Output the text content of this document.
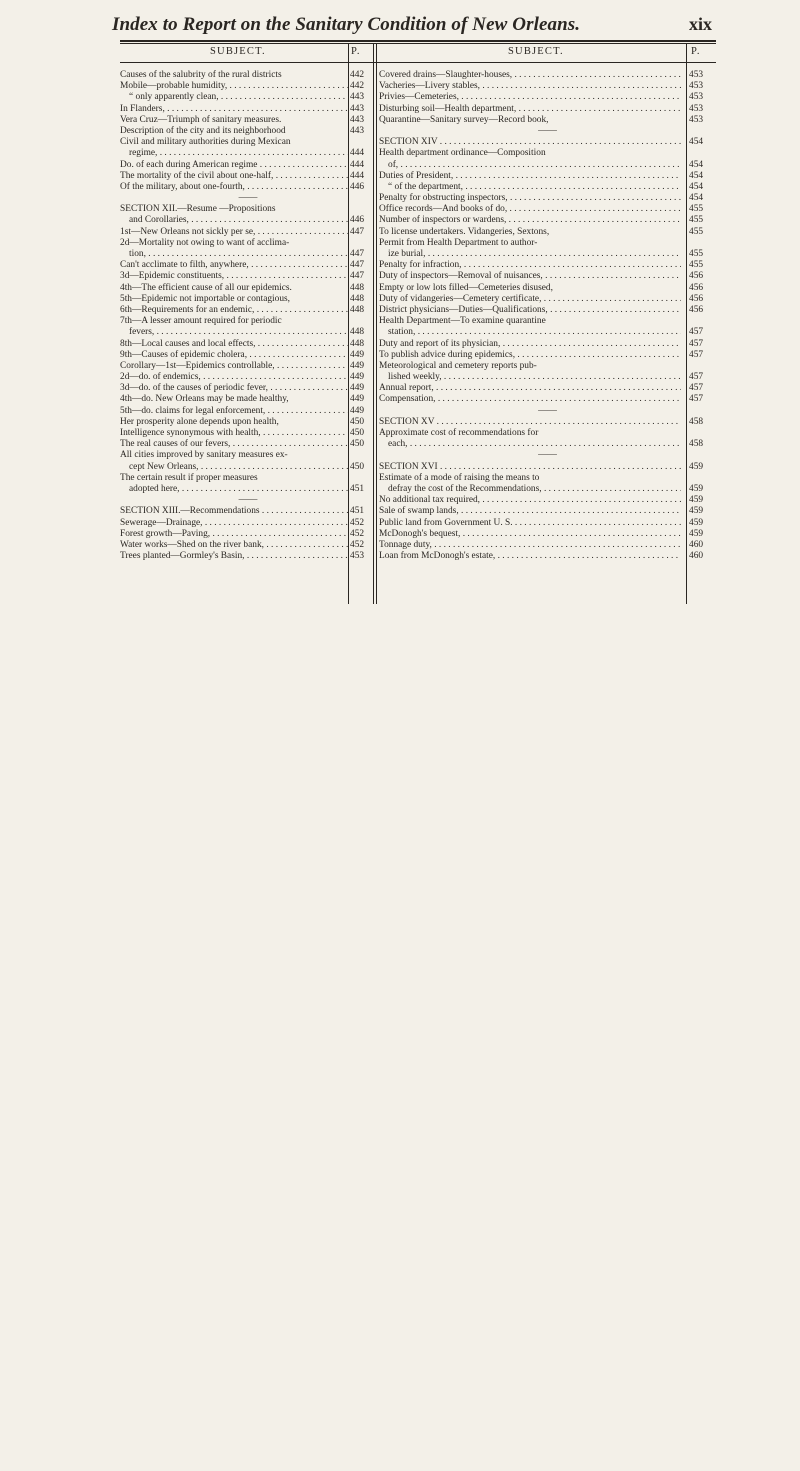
Index to Report on the Sanitary Condition of New Orleans.	xix
SUBJECT.	P.	SUBJECT.	P.
Causes of the salubrity of the rural districts	442
Mobile—probable humidity, . . .	442
“ only apparently clean, . . .	443
In Flanders, . . .	443
Vera Cruz—Triumph of sanitary measures.	443
Description of the city and its neighborhood	443
Civil and military authorities during Mexican
regime, . . .	444
Do. of each during American regime . . .	444
The mortality of the civil about one-half, . . .	444
Of the military, about one-fourth, . . .	446
——
SECTION XII.—Resume —Propositions
and Corollaries, . . .	446
1st—New Orleans not sickly per se, . . .	447
2d—Mortality not owing to want of acclima-
tion, . . .	447
Can't acclimate to filth, anywhere, . . .	447
3d—Epidemic constituents, . . .	447
4th—The efficient cause of all our epidemics.	448
5th—Epidemic not importable or contagious,	448
6th—Requirements for an endemic, . . .	448
7th—A lesser amount required for periodic
fevers, . . .	448
8th—Local causes and local effects, . . .	448
9th—Causes of epidemic cholera, . . .	449
Corollary—1st—Epidemics controllable, . . .	449
2d—do. of endemics, . . .	449
3d—do. of the causes of periodic fever, . . .	449
4th—do. New Orleans may be made healthy,	449
5th—do. claims for legal enforcement, . . .	449
Her prosperity alone depends upon health,	450
Intelligence synonymous with health, . . .	450
The real causes of our fevers, . . .	450
All cities improved by sanitary measures ex-
cept New Orleans, . . .	450
The certain result if proper measures
adopted here, . . .	451
——
SECTION XIII.—Recommendations . . .	451
Sewerage—Drainage, . . .	452
Forest growth—Paving, . . .	452
Water works—Shed on the river bank, . . .	452
Trees planted—Gormley's Basin, . . .	453
Covered drains—Slaughter-houses, . . .	453
Vacheries—Livery stables, . . .	453
Privies—Cemeteries, . . .	453
Disturbing soil—Health department, . . .	453
Quarantine—Sanitary survey—Record book,	453
——
SECTION XIV . . .	454
Health department ordinance—Composition
of, . . .	454
Duties of President, . . .	454
“ of the department, . . .	454
Penalty for obstructing inspectors, . . .	454
Office records—And books of do, . . .	455
Number of inspectors or wardens, . . .	455
To license undertakers. Vidangeries, Sextons,	455
Permit from Health Department to author-
ize burial, . . .	455
Penalty for infraction, . . .	455
Duty of inspectors—Removal of nuisances, . . .	456
Empty or low lots filled—Cemeteries disused,	456
Duty of vidangeries—Cemetery certificate, . . .	456
District physicians—Duties—Qualifications, . . .	456
Health Department—To examine quarantine
station, . . .	457
Duty and report of its physician, . . .	457
To publish advice during epidemics, . . .	457
Meteorological and cemetery reports pub-
lished weekly, . . .	457
Annual report, . . .	457
Compensation, . . .	457
——
SECTION XV . . .	458
Approximate cost of recommendations for
each, . . .	458
——
SECTION XVI . . .	459
Estimate of a mode of raising the means to
defray the cost of the Recommendations, . . .	459
No additional tax required, . . .	459
Sale of swamp lands, . . .	459
Public land from Government U. S. . . .	459
McDonogh's bequest, . . .	459
Tonnage duty, . . .	460
Loan from McDonogh's estate, . . .	460
